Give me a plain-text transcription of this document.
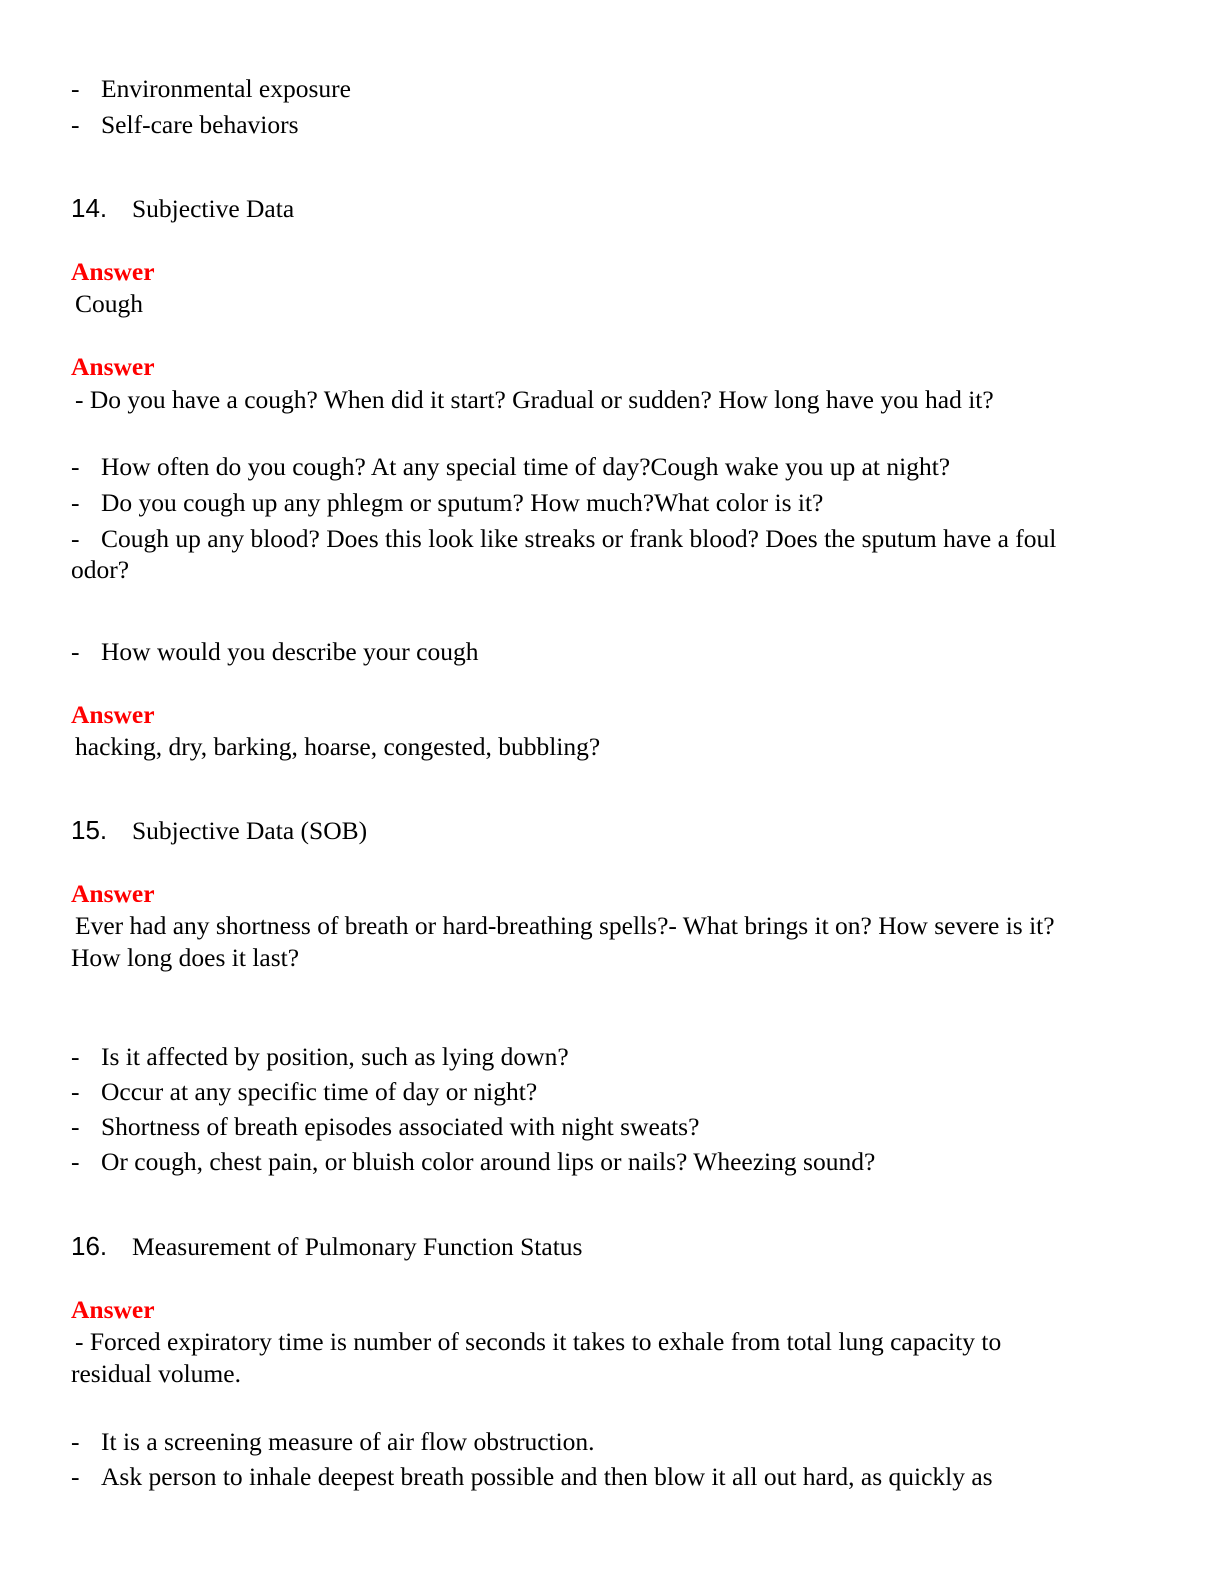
- Environmental exposure
- Self-care behaviors
14. Subjective Data
Answer
Cough
Answer
- Do you have a cough? When did it start? Gradual or sudden? How long have you had it?
- How often do you cough? At any special time of day?Cough wake you up at night?
- Do you cough up any phlegm or sputum? How much?What color is it?
- Cough up any blood? Does this look like streaks or frank blood? Does the sputum have a foul
odor?
- How would you describe your cough
Answer
hacking, dry, barking, hoarse, congested, bubbling?
15. Subjective Data (SOB)
Answer
Ever had any shortness of breath or hard-breathing spells?- What brings it on? How severe is it?
How long does it last?
- Is it affected by position, such as lying down?
- Occur at any specific time of day or night?
- Shortness of breath episodes associated with night sweats?
- Or cough, chest pain, or bluish color around lips or nails? Wheezing sound?
16. Measurement of Pulmonary Function Status
Answer
- Forced expiratory time is number of seconds it takes to exhale from total lung capacity to
residual volume.
- It is a screening measure of air flow obstruction.
- Ask person to inhale deepest breath possible and then blow it all out hard, as quickly as
